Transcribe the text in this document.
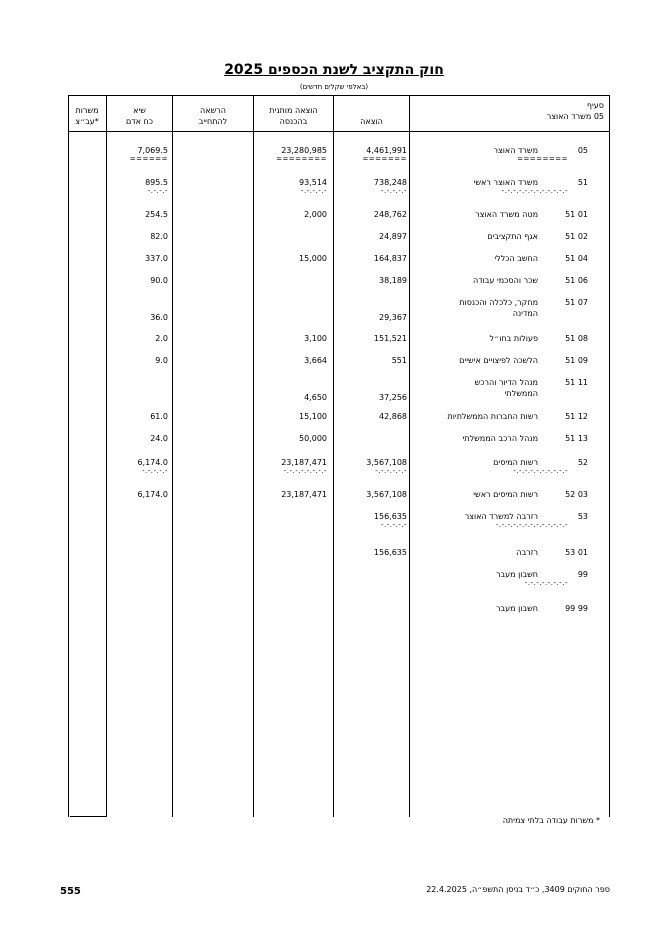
חוק התקציב לשנת הכספים 2025
(באלפי שקלים חדשים)
משרות
עב״צ*
שיא
כח אדם
הרשאה
להתחייב
הוצאה מותנית
בהכנסה	הוצאה
סעיף
05 משרד האוצר
05
משרד האוצר
4,461,991
23,280,985
7,069.5
========
=======
========
======
51
משרד האוצר ראשי
738,248
93,514
895.5
-.-.-.-.-.-.-.-.-.-.-.-
-.-.-.-.-
-.-.-.-.-
-.-.-.-
51 01
מטה משרד האוצר
248,762
2,000
254.5
51 02
אגף התקציבים
24,897
82.0
51 04
החשב הכללי
164,837
15,000
337.0
51 06
שכר והסכמי עבודה
38,189
90.0
51 07
מחקר, כלכלה והכנסות
המדינה
29,367
36.0
51 08
פעולות בחו״ל
151,521
3,100
2.0
51 09
הלשכה לפיצויים אישיים
551
3,664
9.0
51 11
מנהל הדיור והרכש
הממשלתי
37,256
4,650
51 12
רשות החברות הממשלתיות
42,868
15,100
61.0
51 13
מנהל הרכב הממשלתי
50,000
24.0
52
רשות המיסים
3,567,108
23,187,471
6,174.0
-.-.-.-.-.-.-.-.-.-
-.-.-.-.-.-
-.-.-.-.-.-.-.-
-.-.-.-.-
52 03
רשות המיסים ראשי
3,567,108
23,187,471
6,174.0
53
רזרבה למשרד האוצר
156,635
-.-.-.-.-.-.-.-.-.-.-.-.-
-.-.-.-.-
53 01
רזרבה
156,635
99
חשבון מעבר
-.-.-.-.-.-.-.-
99 99
חשבון מעבר
* משרות עבודה בלתי צמיתה
555	ספר החוקים 3409, כ״ד בניסן התשפ״ה, 22.4.2025
